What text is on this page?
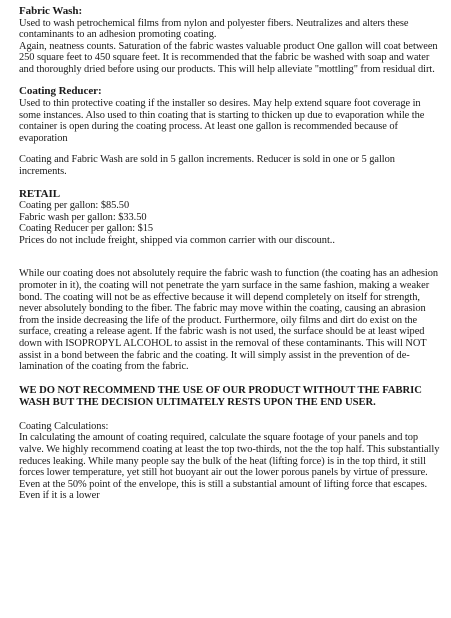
Fabric Wash:

Used to wash petrochemical films from nylon and polyester fibers. Neutralizes and alters these contaminants to an adhesion promoting coating.

Again, neatness counts. Saturation of the fabric wastes valuable product One gallon will coat between 250 square feet to 450 square feet. It is recommended that the fabric be washed with soap and water and thoroughly dried before using our products. This will help alleviate "mottling" from residual dirt.

Coating Reducer:

Used to thin protective coating if the installer so desires. May help extend square foot coverage in some instances. Also used to thin coating that is starting to thicken up due to evaporation while the container is open during the coating process. At least one gallon is recommended because of evaporation

Coating and Fabric Wash are sold in 5 gallon increments. Reducer is sold in one or 5 gallon increments.

RETAIL
Coating per gallon: $85.50
Fabric wash per gallon: $33.50
Coating Reducer per gallon: $15
Prices do not include freight, shipped via common carrier with our discount..

While our coating does not absolutely require the fabric wash to function (the coating has an adhesion promoter in it), the coating will not penetrate the yarn surface in the same fashion, making a weaker bond. The coating will not be as effective because it will depend completely on itself for strength, never absolutely bonding to the fiber. The fabric may move within the coating, causing an abrasion from the inside decreasing the life of the product. Furthermore, oily films and dirt do exist on the surface, creating a release agent. If the fabric wash is not used, the surface should be at least wiped down with ISOPROPYL ALCOHOL to assist in the removal of these contaminants. This will NOT assist in a bond between the fabric and the coating. It will simply assist in the prevention of de-lamination of the coating from the fabric.

WE DO NOT RECOMMEND THE USE OF OUR PRODUCT WITHOUT THE FABRIC WASH BUT THE DECISION ULTIMATELY RESTS UPON THE END USER.

Coating Calculations:

In calculating the amount of coating required, calculate the square footage of your panels and top valve. We highly recommend coating at least the top two-thirds, not the the top half. This substantially reduces leaking. While many people say the bulk of the heat (lifting force) is in the top third, it still forces lower temperature, yet still hot buoyant air out the lower porous panels by virtue of pressure. Even at the 50% point of the envelope, this is still a substantial amount of lifting force that escapes. Even if it is a lower
